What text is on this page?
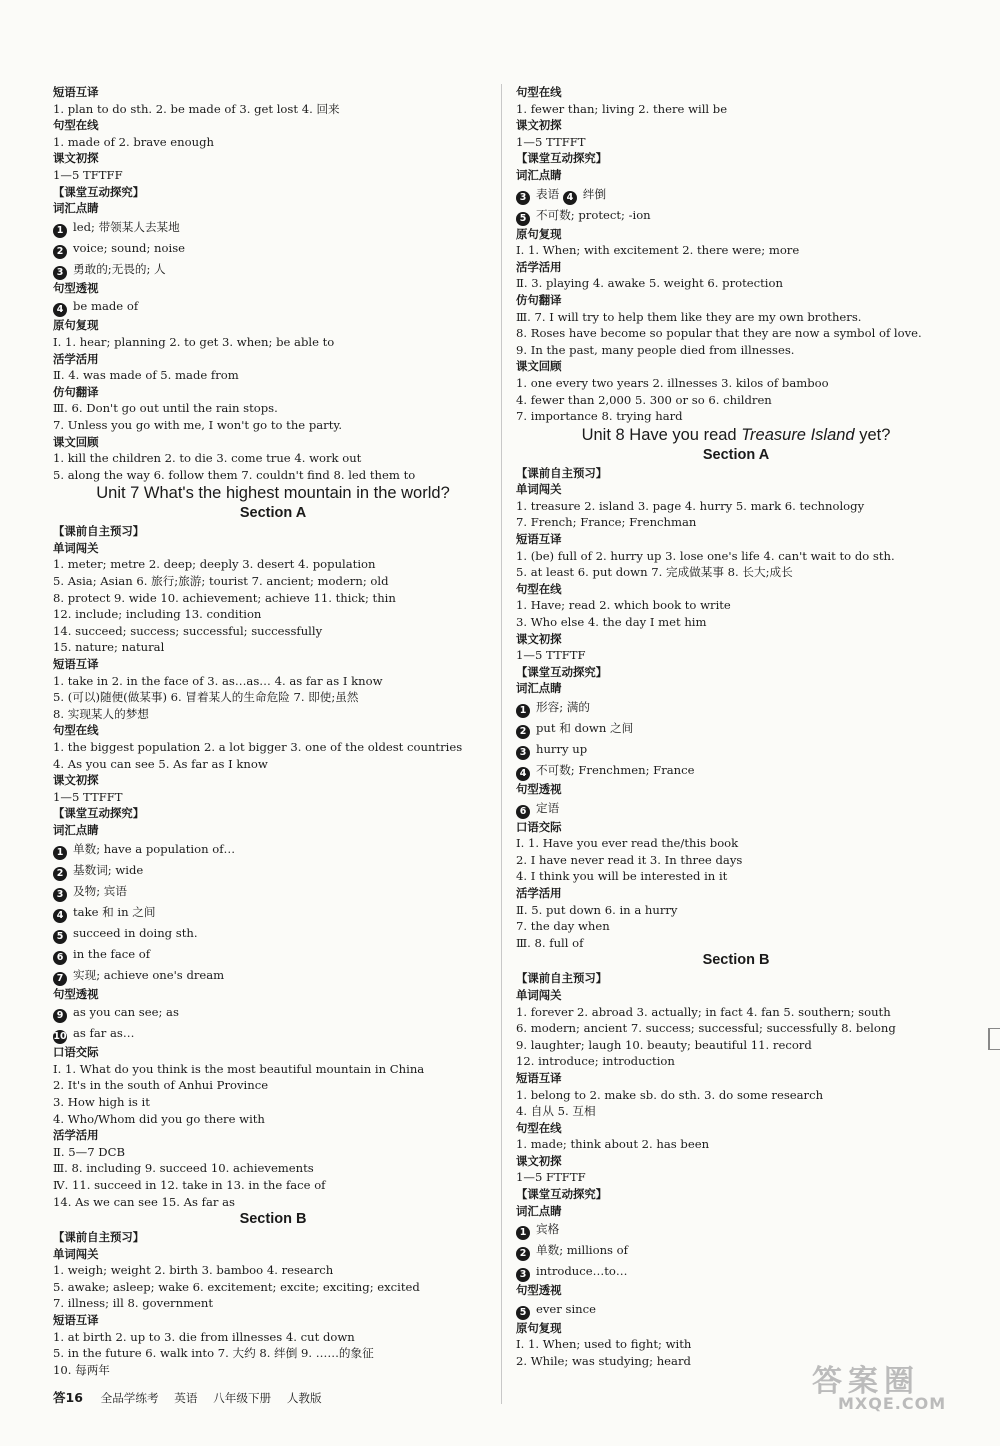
短语互译
1. plan to do sth. 2. be made of 3. get lost 4. 回来
句型在线
1. made of 2. brave enough
课文初探
1—5 TFTFF
【课堂互动探究】
词汇点睛
1 led; 带领某人去某地
2 voice; sound; noise
3 勇敢的;无畏的; 人
句型透视
4 be made of
原句复现
Ⅰ. 1. hear; planning 2. to get 3. when; be able to
活学活用
Ⅱ. 4. was made of 5. made from
仿句翻译
Ⅲ. 6. Don't go out until the rain stops.
7. Unless you go with me, I won't go to the party.
课文回顾
1. kill the children 2. to die 3. come true 4. work out
5. along the way 6. follow them 7. couldn't find 8. led them to
Unit 7 What's the highest mountain in the world?
Section A
【课前自主预习】
单词闯关
1. meter; metre 2. deep; deeply 3. desert 4. population
5. Asia; Asian 6. 旅行;旅游; tourist 7. ancient; modern; old
8. protect 9. wide 10. achievement; achieve 11. thick; thin
12. include; including 13. condition
14. succeed; success; successful; successfully
15. nature; natural
短语互译
1. take in 2. in the face of 3. as…as… 4. as far as I know
5. (可以)随便(做某事) 6. 冒着某人的生命危险 7. 即使;虽然
8. 实现某人的梦想
句型在线
1. the biggest population 2. a lot bigger 3. one of the oldest countries
4. As you can see 5. As far as I know
课文初探
1—5 TTFFT
【课堂互动探究】
词汇点睛
1 单数; have a population of…
2 基数词; wide
3 及物; 宾语
4 take 和 in 之间
5 succeed in doing sth.
6 in the face of
7 实现; achieve one's dream
句型透视
9 as you can see; as
10 as far as…
口语交际
Ⅰ. 1. What do you think is the most beautiful mountain in China
2. It's in the south of Anhui Province
3. How high is it
4. Who/Whom did you go there with
活学活用
Ⅱ. 5—7 DCB
Ⅲ. 8. including 9. succeed 10. achievements
Ⅳ. 11. succeed in 12. take in 13. in the face of
14. As we can see 15. As far as
Section B
【课前自主预习】
单词闯关
1. weigh; weight 2. birth 3. bamboo 4. research
5. awake; asleep; wake 6. excitement; excite; exciting; excited
7. illness; ill 8. government
短语互译
1. at birth 2. up to 3. die from illnesses 4. cut down
5. in the future 6. walk into 7. 大约 8. 绊倒 9. ……的象征
10. 每两年
句型在线
1. fewer than; living 2. there will be
课文初探
1—5 TTFFT
【课堂互动探究】
词汇点睛
3 表语 4 绊倒
5 不可数; protect; -ion
原句复现
Ⅰ. 1. When; with excitement 2. there were; more
活学活用
Ⅱ. 3. playing 4. awake 5. weight 6. protection
仿句翻译
Ⅲ. 7. I will try to help them like they are my own brothers.
8. Roses have become so popular that they are now a symbol of love.
9. In the past, many people died from illnesses.
课文回顾
1. one every two years 2. illnesses 3. kilos of bamboo
4. fewer than 2,000 5. 300 or so 6. children
7. importance 8. trying hard
Unit 8 Have you read Treasure Island yet?
Section A
【课前自主预习】
单词闯关
1. treasure 2. island 3. page 4. hurry 5. mark 6. technology
7. French; France; Frenchman
短语互译
1. (be) full of 2. hurry up 3. lose one's life 4. can't wait to do sth.
5. at least 6. put down 7. 完成做某事 8. 长大;成长
句型在线
1. Have; read 2. which book to write
3. Who else 4. the day I met him
课文初探
1—5 TTFTF
【课堂互动探究】
词汇点睛
1 形容; 满的
2 put 和 down 之间
3 hurry up
4 不可数; Frenchmen; France
句型透视
6 定语
口语交际
Ⅰ. 1. Have you ever read the/this book
2. I have never read it 3. In three days
4. I think you will be interested in it
活学活用
Ⅱ. 5. put down 6. in a hurry
7. the day when
Ⅲ. 8. full of
Section B
【课前自主预习】
单词闯关
1. forever 2. abroad 3. actually; in fact 4. fan 5. southern; south
6. modern; ancient 7. success; successful; successfully 8. belong
9. laughter; laugh 10. beauty; beautiful 11. record
12. introduce; introduction
短语互译
1. belong to 2. make sb. do sth. 3. do some research
4. 自从 5. 互相
句型在线
1. made; think about 2. has been
课文初探
1—5 FTFTF
【课堂互动探究】
词汇点睛
1 宾格
2 单数; millions of
3 introduce…to…
句型透视
5 ever since
原句复现
Ⅰ. 1. When; used to fight; with
2. While; was studying; heard
答16 全品学练考 英语 八年级下册 人教版	答案圈
MXQE.COM
